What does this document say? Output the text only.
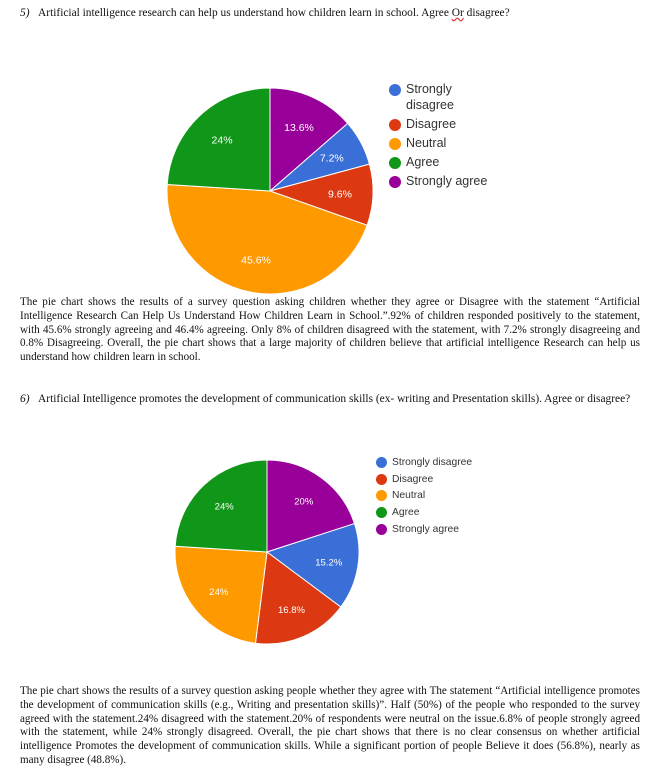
5) Artificial intelligence research can help us understand how children learn in school. Agree Or disagree?
13.6%
7.2%
9.6%
45.6%
24%
Strongly disagree
Disagree
Neutral
Agree
Strongly agree
The pie chart shows the results of a survey question asking children whether they agree or Disagree with the statement “Artificial Intelligence Research Can Help Us Understand How Children Learn in School.”.92% of children responded positively to the statement, with 45.6% strongly agreeing and 46.4% agreeing. Only 8% of children disagreed with the statement, with 7.2% strongly disagreeing and 0.8% Disagreeing. Overall, the pie chart shows that a large majority of children believe that artificial intelligence Research can help us understand how children learn in school.
6) Artificial Intelligence promotes the development of communication skills (ex- writing and Presentation skills). Agree or disagree?
20%
15.2%
16.8%
24%
24%
Strongly disagree
Disagree
Neutral
Agree
Strongly agree
The pie chart shows the results of a survey question asking people whether they agree with The statement “Artificial intelligence promotes the development of communication skills (e.g., Writing and presentation skills)”. Half (50%) of the people who responded to the survey agreed with the statement.24% disagreed with the statement.20% of respondents were neutral on the issue.6.8% of people strongly agreed with the statement, while 24% strongly disagreed. Overall, the pie chart shows that there is no clear consensus on whether artificial intelligence Promotes the development of communication skills. While a significant portion of people Believe it does (56.8%), nearly as many disagree (48.8%).
